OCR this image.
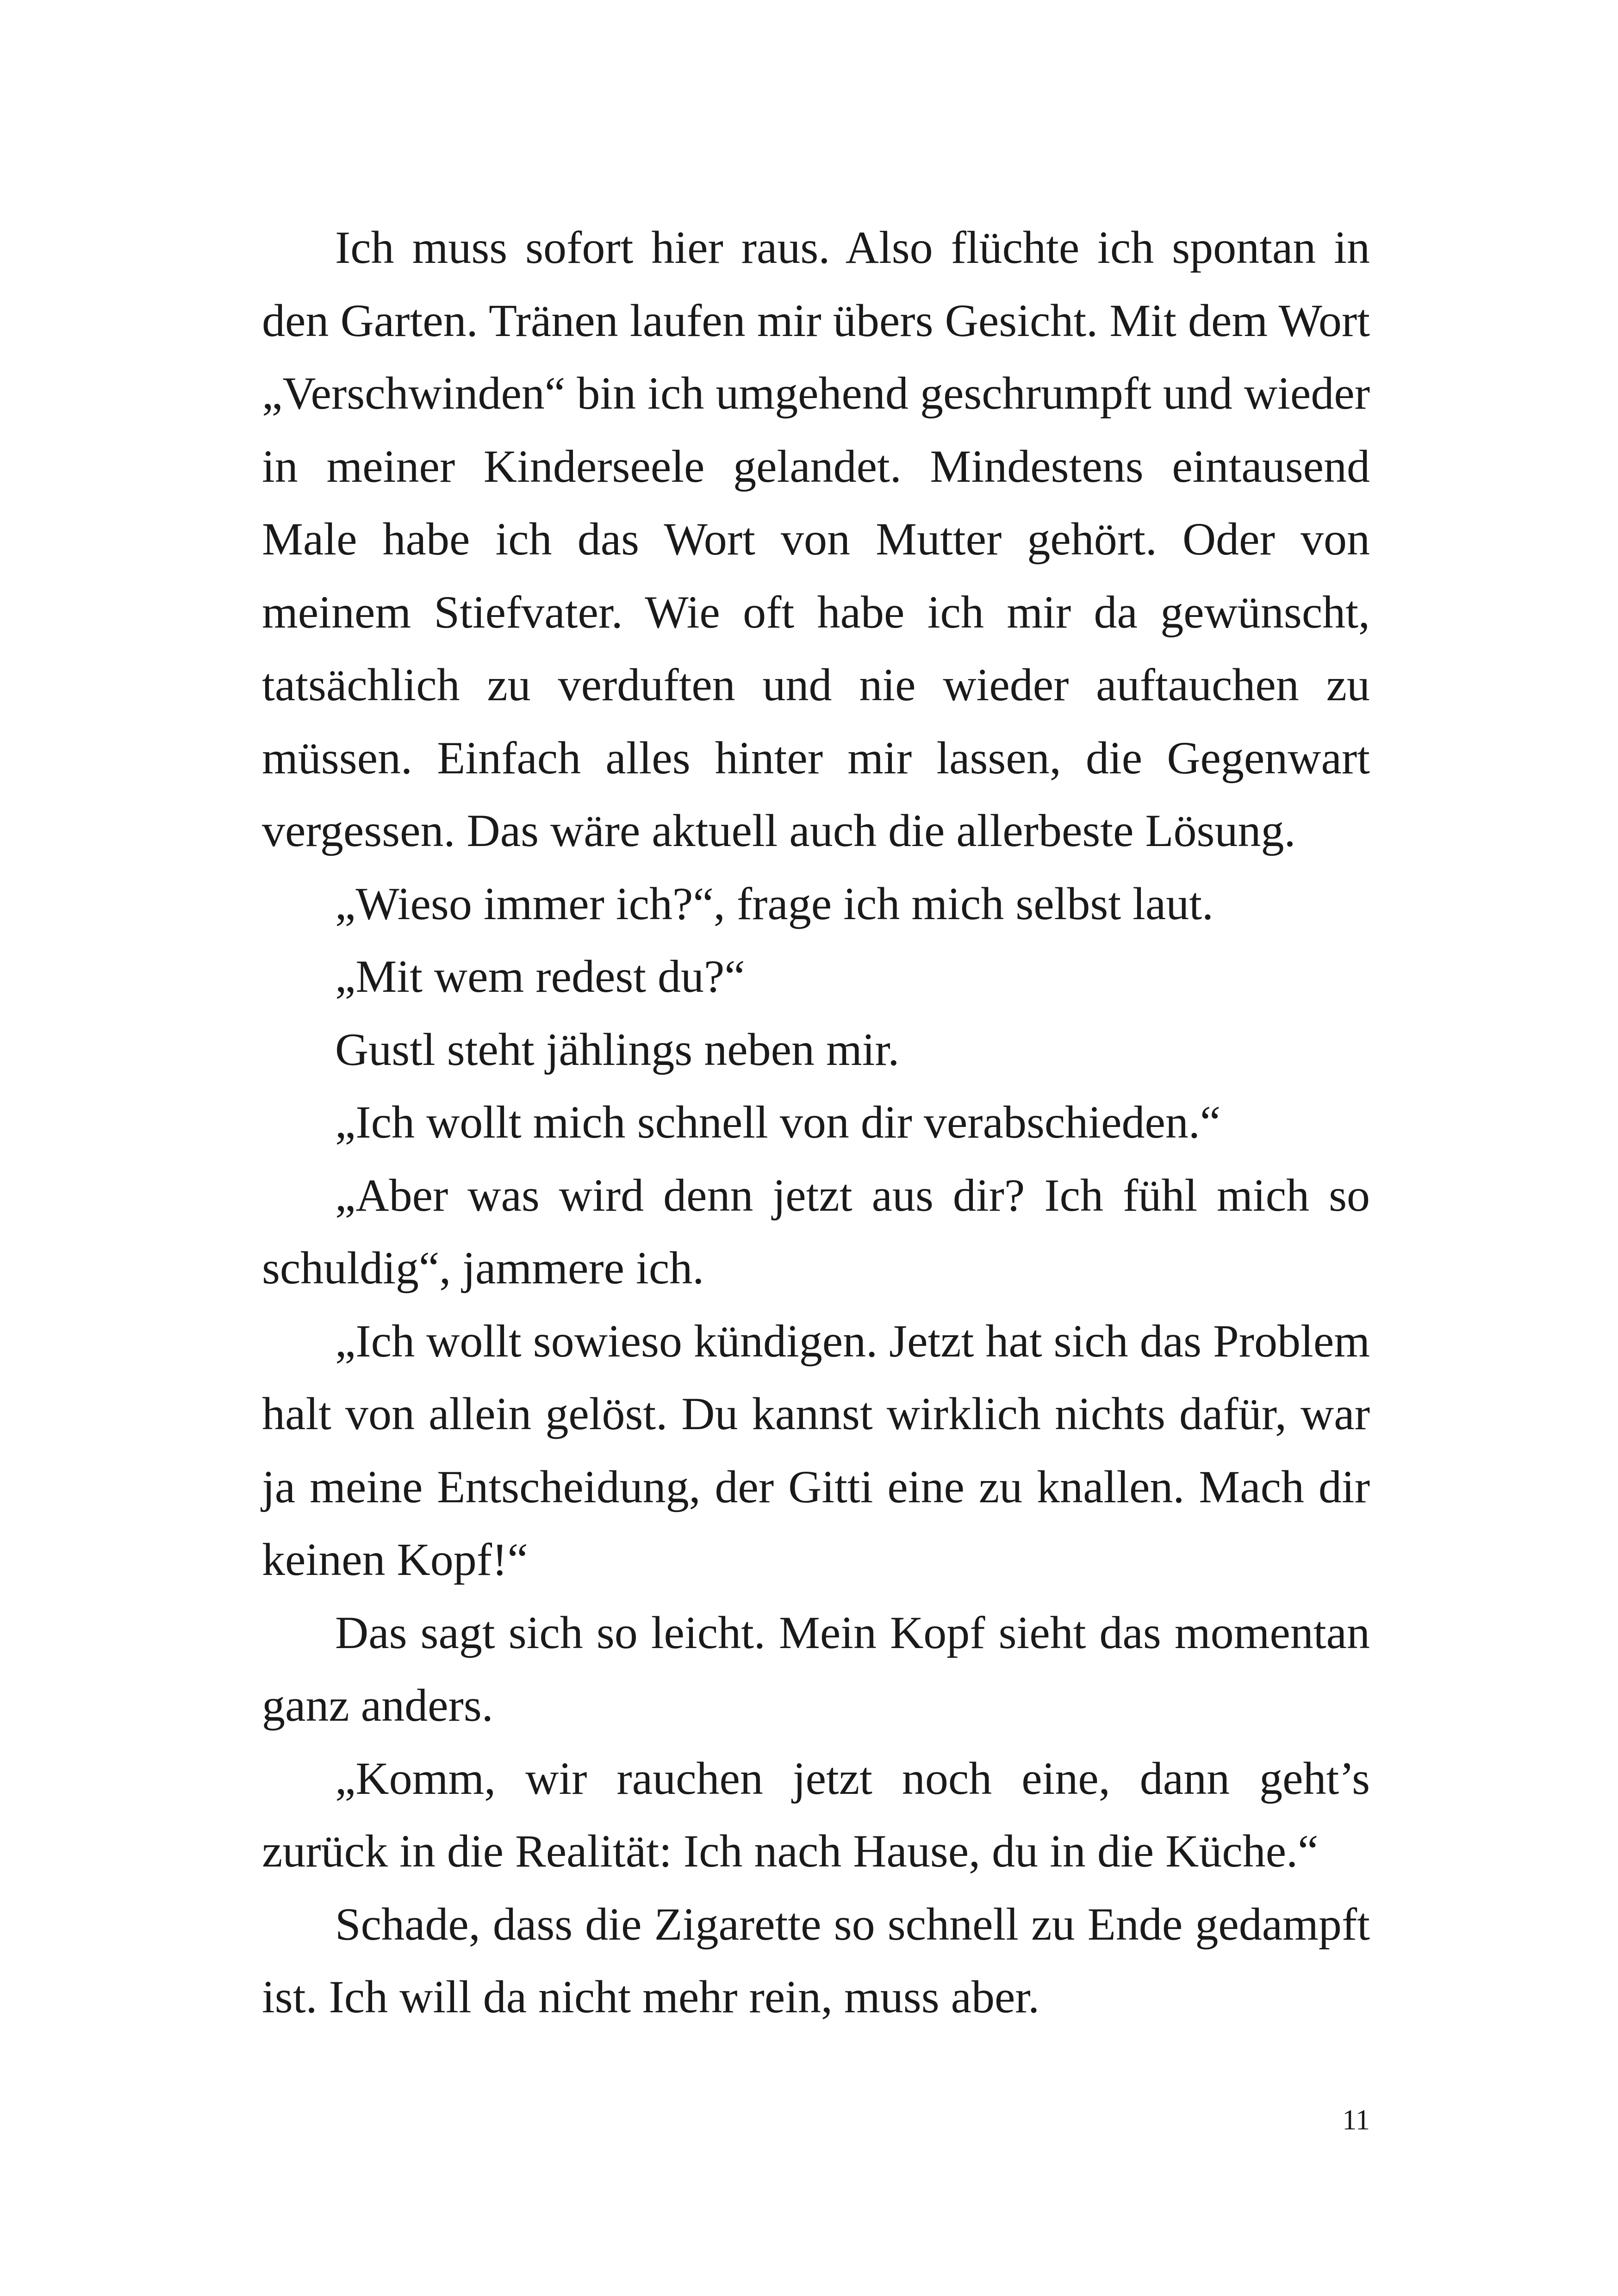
Ich muss sofort hier raus. Also flüchte ich spontan in den Garten. Tränen laufen mir übers Gesicht. Mit dem Wort „Verschwinden“ bin ich umgehend geschrumpft und wieder in meiner Kinderseele gelandet. Mindestens eintausend Male habe ich das Wort von Mutter gehört. Oder von meinem Stiefvater. Wie oft habe ich mir da gewünscht, tatsächlich zu verduften und nie wieder auftauchen zu müssen. Einfach alles hinter mir lassen, die Gegenwart vergessen. Das wäre aktuell auch die allerbeste Lösung.

„Wieso immer ich?“, frage ich mich selbst laut.

„Mit wem redest du?“

Gustl steht jählings neben mir.

„Ich wollt mich schnell von dir verabschieden.“

„Aber was wird denn jetzt aus dir? Ich fühl mich so schuldig“, jammere ich.

„Ich wollt sowieso kündigen. Jetzt hat sich das Problem halt von allein gelöst. Du kannst wirklich nichts dafür, war ja meine Entscheidung, der Gitti eine zu knallen. Mach dir keinen Kopf!“

Das sagt sich so leicht. Mein Kopf sieht das momentan ganz anders.

„Komm, wir rauchen jetzt noch eine, dann geht’s zurück in die Realität: Ich nach Hause, du in die Küche.“

Schade, dass die Zigarette so schnell zu Ende gedampft ist. Ich will da nicht mehr rein, muss aber.

11
